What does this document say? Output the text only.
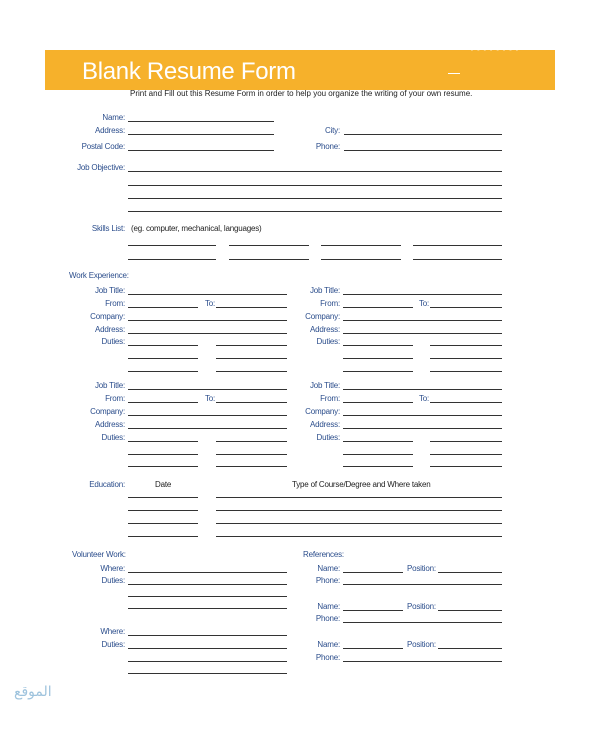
Blank Resume Form
◦ ◦ ◦ ◦ ◦ ◦ ◦ ◦
Print and Fill out this Resume Form in order to help you organize the writing of your own resume.
Name:
Address:
Postal Code:
City:
Phone:
Job Objective:
Skills List: (eg. computer, mechanical, languages)
Work Experience:
Job Title:
From:	To:
Company:
Address:
Duties:
Job Title:
From:	To:
Company:
Address:
Duties:
Job Title:
From:	To:
Company:
Address:
Duties:
Job Title:
From:	To:
Company:
Address:
Duties:
Education:	Date	Type of Course/Degree and Where taken
Volunteer Work:
Where:
Duties:
Where:
Duties:
References:
Name:	Position:
Phone:
Name:	Position:
Phone:
Name:	Position:
Phone:
الموقع
